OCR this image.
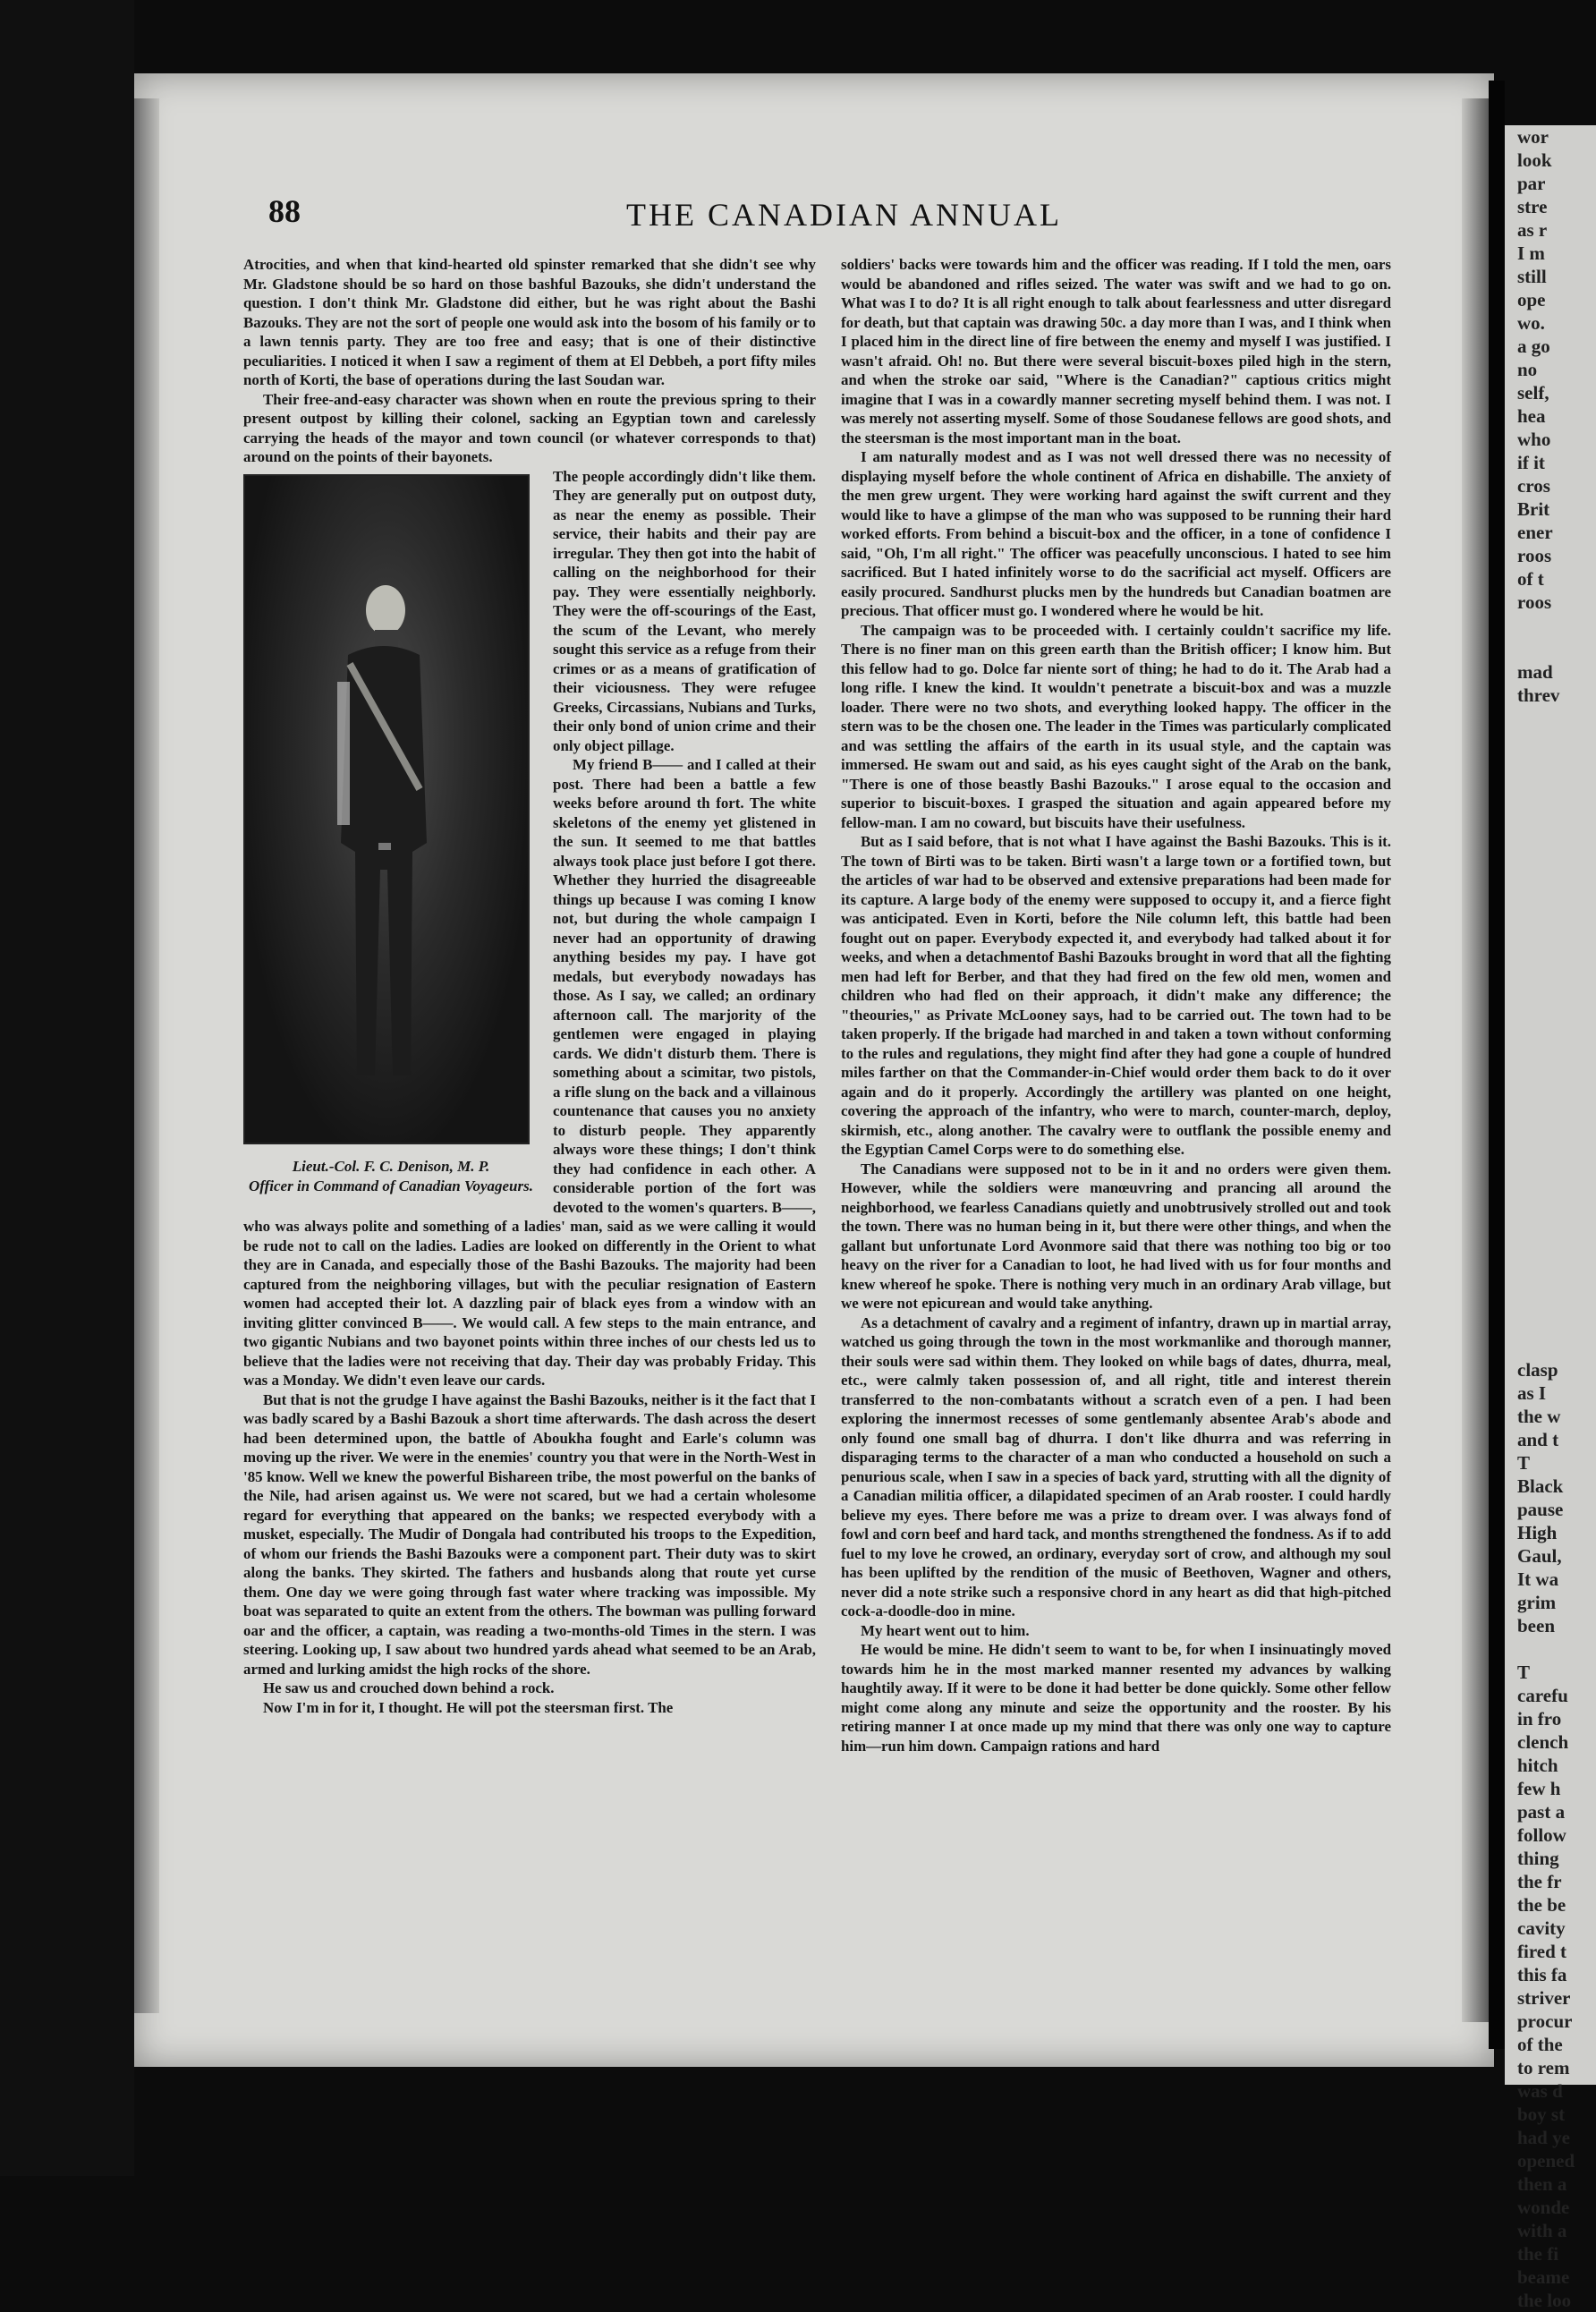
wor
look
par
stre
as r
I m
still
ope
wo.
a go
no
self,
hea
who
if it
cros
Brit
ener
roos
of t
roos

mad
threv

clasp
as I
the w
and t
T
Black
pause
High
Gaul,
It wa
grim
been

T
carefu
in fro
clench
hitch
few h
past a
follow
thing
the fr
the be
cavity
fired t
this fa
striver
procur
of the
to rem
was d
boy st
had ye
opened
then a
wonde
with a
the fi
beame
the loo
88	THE CANADIAN ANNUAL

Atrocities, and when that kind-hearted old spinster remarked that she didn't see why Mr. Gladstone should be so hard on those bashful Bazouks, she didn't understand the question. I don't think Mr. Gladstone did either, but he was right about the Bashi Bazouks. They are not the sort of people one would ask into the bosom of his family or to a lawn tennis party. They are too free and easy; that is one of their distinctive peculiarities. I noticed it when I saw a regiment of them at El Debbeh, a port fifty miles north of Korti, the base of operations during the last Soudan war.

Their free-and-easy character was shown when en route the previous spring to their present outpost by killing their colonel, sacking an Egyptian town and carelessly carrying the heads of the mayor and town council (or whatever corresponds to that) around on the points of their bayonets.

Lieut.-Col. F. C. Denison, M. P.
Officer in Command of Canadian Voyageurs.

The people accordingly didn't like them. They are generally put on outpost duty, as near the enemy as possible. Their service, their habits and their pay are irregular. They then got into the habit of calling on the neighborhood for their pay. They were essentially neighborly. They were the off-scourings of the East, the scum of the Levant, who merely sought this service as a refuge from their crimes or as a means of gratification of their viciousness. They were refugee Greeks, Circassians, Nubians and Turks, their only bond of union crime and their only object pillage.

My friend B—— and I called at their post. There had been a battle a few weeks before around th fort. The white skeletons of the enemy yet glistened in the sun. It seemed to me that battles always took place just before I got there. Whether they hurried the disagreeable things up because I was coming I know not, but during the whole campaign I never had an opportunity of drawing anything besides my pay. I have got medals, but everybody nowadays has those. As I say, we called; an ordinary afternoon call. The marjority of the gentlemen were engaged in playing cards. We didn't disturb them. There is something about a scimitar, two pistols, a rifle slung on the back and a villainous countenance that causes you no anxiety to disturb people. They apparently always wore these things; I don't think they had confidence in each other. A considerable portion of the fort was devoted to the women's quarters. B——, who was always polite and something of a ladies' man, said as we were calling it would be rude not to call on the ladies. Ladies are looked on differently in the Orient to what they are in Canada, and especially those of the Bashi Bazouks. The majority had been captured from the neighboring villages, but with the peculiar resignation of Eastern women had accepted their lot. A dazzling pair of black eyes from a window with an inviting glitter convinced B——. We would call. A few steps to the main entrance, and two gigantic Nubians and two bayonet points within three inches of our chests led us to believe that the ladies were not receiving that day. Their day was probably Friday. This was a Monday. We didn't even leave our cards.

But that is not the grudge I have against the Bashi Bazouks, neither is it the fact that I was badly scared by a Bashi Bazouk a short time afterwards. The dash across the desert had been determined upon, the battle of Aboukha fought and Earle's column was moving up the river. We were in the enemies' country you that were in the North-West in '85 know. Well we knew the powerful Bishareen tribe, the most powerful on the banks of the Nile, had arisen against us. We were not scared, but we had a certain wholesome regard for everything that appeared on the banks; we respected everybody with a musket, especially. The Mudir of Dongala had contributed his troops to the Expedition, of whom our friends the Bashi Bazouks were a component part. Their duty was to skirt along the banks. They skirted. The fathers and husbands along that route yet curse them. One day we were going through fast water where tracking was impossible. My boat was separated to quite an extent from the others. The bowman was pulling forward oar and the officer, a captain, was reading a two-months-old Times in the stern. I was steering. Looking up, I saw about two hundred yards ahead what seemed to be an Arab, armed and lurking amidst the high rocks of the shore.

He saw us and crouched down behind a rock.

Now I'm in for it, I thought. He will pot the steersman first. The

soldiers' backs were towards him and the officer was reading. If I told the men, oars would be abandoned and rifles seized. The water was swift and we had to go on. What was I to do? It is all right enough to talk about fearlessness and utter disregard for death, but that captain was drawing 50c. a day more than I was, and I think when I placed him in the direct line of fire between the enemy and myself I was justified. I wasn't afraid. Oh! no. But there were several biscuit-boxes piled high in the stern, and when the stroke oar said, "Where is the Canadian?" captious critics might imagine that I was in a cowardly manner secreting myself behind them. I was not. I was merely not asserting myself. Some of those Soudanese fellows are good shots, and the steersman is the most important man in the boat.

I am naturally modest and as I was not well dressed there was no necessity of displaying myself before the whole continent of Africa en dishabille. The anxiety of the men grew urgent. They were working hard against the swift current and they would like to have a glimpse of the man who was supposed to be running their hard worked efforts. From behind a biscuit-box and the officer, in a tone of confidence I said, "Oh, I'm all right." The officer was peacefully unconscious. I hated to see him sacrificed. But I hated infinitely worse to do the sacrificial act myself. Officers are easily procured. Sandhurst plucks men by the hundreds but Canadian boatmen are precious. That officer must go. I wondered where he would be hit.

The campaign was to be proceeded with. I certainly couldn't sacrifice my life. There is no finer man on this green earth than the British officer; I know him. But this fellow had to go. Dolce far niente sort of thing; he had to do it. The Arab had a long rifle. I knew the kind. It wouldn't penetrate a biscuit-box and was a muzzle loader. There were no two shots, and everything looked happy. The officer in the stern was to be the chosen one. The leader in the Times was particularly complicated and was settling the affairs of the earth in its usual style, and the captain was immersed. He swam out and said, as his eyes caught sight of the Arab on the bank, "There is one of those beastly Bashi Bazouks." I arose equal to the occasion and superior to biscuit-boxes. I grasped the situation and again appeared before my fellow-man. I am no coward, but biscuits have their usefulness.

But as I said before, that is not what I have against the Bashi Bazouks. This is it. The town of Birti was to be taken. Birti wasn't a large town or a fortified town, but the articles of war had to be observed and extensive preparations had been made for its capture. A large body of the enemy were supposed to occupy it, and a fierce fight was anticipated. Even in Korti, before the Nile column left, this battle had been fought out on paper. Everybody expected it, and everybody had talked about it for weeks, and when a detachmentof Bashi Bazouks brought in word that all the fighting men had left for Berber, and that they had fired on the few old men, women and children who had fled on their approach, it didn't make any difference; the "theouries," as Private McLooney says, had to be carried out. The town had to be taken properly. If the brigade had marched in and taken a town without conforming to the rules and regulations, they might find after they had gone a couple of hundred miles farther on that the Commander-in-Chief would order them back to do it over again and do it properly. Accordingly the artillery was planted on one height, covering the approach of the infantry, who were to march, counter-march, deploy, skirmish, etc., along another. The cavalry were to outflank the possible enemy and the Egyptian Camel Corps were to do something else.

The Canadians were supposed not to be in it and no orders were given them. However, while the soldiers were manœuvring and prancing all around the neighborhood, we fearless Canadians quietly and unobtrusively strolled out and took the town. There was no human being in it, but there were other things, and when the gallant but unfortunate Lord Avonmore said that there was nothing too big or too heavy on the river for a Canadian to loot, he had lived with us for four months and knew whereof he spoke. There is nothing very much in an ordinary Arab village, but we were not epicurean and would take anything.

As a detachment of cavalry and a regiment of infantry, drawn up in martial array, watched us going through the town in the most workmanlike and thorough manner, their souls were sad within them. They looked on while bags of dates, dhurra, meal, etc., were calmly taken possession of, and all right, title and interest therein transferred to the non-combatants without a scratch even of a pen. I had been exploring the innermost recesses of some gentlemanly absentee Arab's abode and only found one small bag of dhurra. I don't like dhurra and was referring in disparaging terms to the character of a man who conducted a household on such a penurious scale, when I saw in a species of back yard, strutting with all the dignity of a Canadian militia officer, a dilapidated specimen of an Arab rooster. I could hardly believe my eyes. There before me was a prize to dream over. I was always fond of fowl and corn beef and hard tack, and months strengthened the fondness. As if to add fuel to my love he crowed, an ordinary, everyday sort of crow, and although my soul has been uplifted by the rendition of the music of Beethoven, Wagner and others, never did a note strike such a responsive chord in any heart as did that high-pitched cock-a-doodle-doo in mine.

My heart went out to him.

He would be mine. He didn't seem to want to be, for when I insinuatingly moved towards him he in the most marked manner resented my advances by walking haughtily away. If it were to be done it had better be done quickly. Some other fellow might come along any minute and seize the opportunity and the rooster. By his retiring manner I at once made up my mind that there was only one way to capture him—run him down. Campaign rations and hard
